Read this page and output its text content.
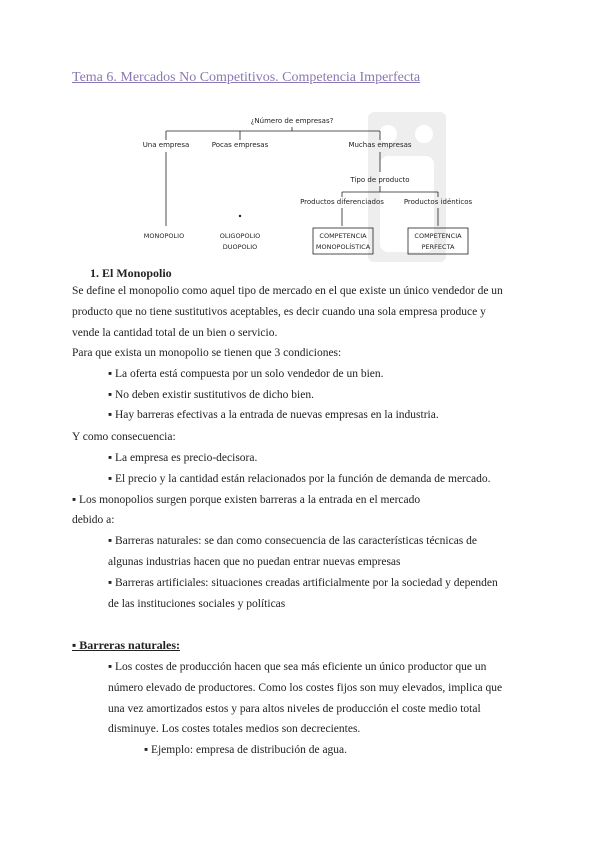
Tema 6. Mercados No Competitivos. Competencia Imperfecta
¿Número de empresas?
Una empresa	Pocas empresas	Muchas empresas
Tipo de producto
Productos diferenciados	Productos idénticos
MONOPOLIO	OLIGOPOLIO
DUOPOLIO
COMPETENCIA
MONOPOLÍSTICA
COMPETENCIA
PERFECTA
1. El Monopolio
Se define el monopolio como aquel tipo de mercado en el que existe un único vendedor de un
producto que no tiene sustitutivos aceptables, es decir cuando una sola empresa produce y
vende la cantidad total de un bien o servicio.
Para que exista un monopolio se tienen que 3 condiciones:
▪ La oferta está compuesta por un solo vendedor de un bien.
▪ No deben existir sustitutivos de dicho bien.
▪ Hay barreras efectivas a la entrada de nuevas empresas en la industria.
Y como consecuencia:
▪ La empresa es precio-decisora.
▪ El precio y la cantidad están relacionados por la función de demanda de mercado.
▪ Los monopolios surgen porque existen barreras a la entrada en el mercado
debido a:
▪ Barreras naturales: se dan como consecuencia de las características técnicas de
algunas industrias hacen que no puedan entrar nuevas empresas
▪ Barreras artificiales: situaciones creadas artificialmente por la sociedad y dependen
de las instituciones sociales y políticas
▪ Barreras naturales:
▪ Los costes de producción hacen que sea más eficiente un único productor que un
número elevado de productores. Como los costes fijos son muy elevados, implica que
una vez amortizados estos y para altos niveles de producción el coste medio total
disminuye. Los costes totales medios son decrecientes.
▪ Ejemplo: empresa de distribución de agua.
